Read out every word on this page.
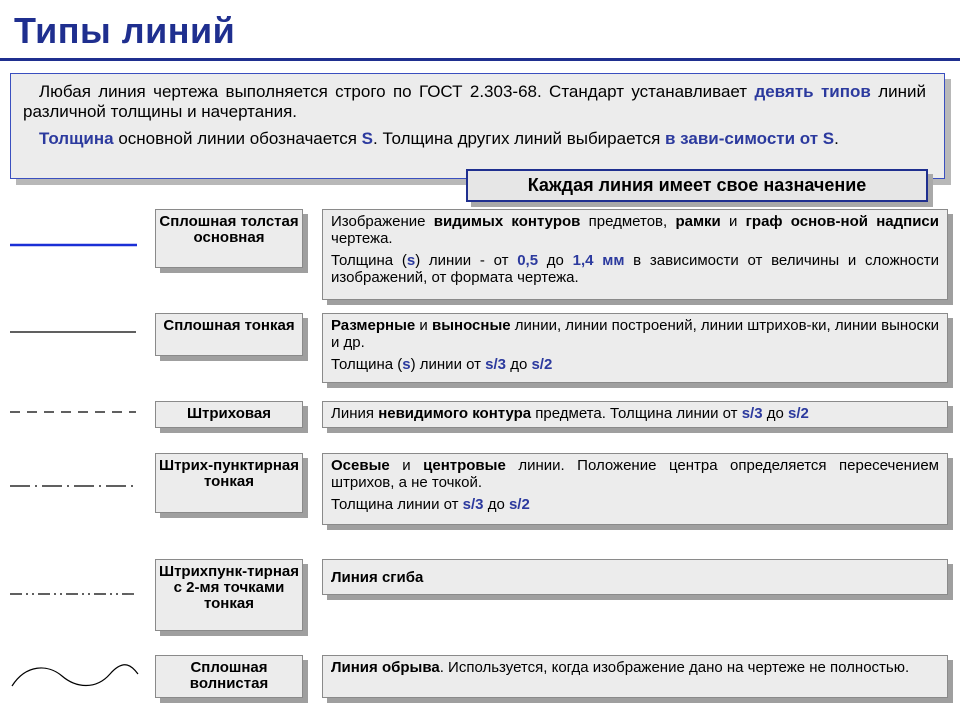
Типы линий

Любая линия чертежа выполняется строго по ГОСТ 2.303-68. Стандарт устанавливает девять типов линий различной толщины и начертания.

Толщина основной линии обозначается S. Толщина других линий выбирается в зави-симости от S.

Каждая линия имеет свое назначение
Сплошная толстая основная

Изображение видимых контуров предметов, рамки и граф основ-ной надписи чертежа.

Толщина (s) линии - от 0,5 до 1,4 мм в зависимости от величины и сложности изображений, от формата чертежа.

Сплошная тонкая	Размерные и выносные линии, линии построений, линии штрихов-ки, линии выноски и др.

Толщина (s) линии от s/3 до s/2

Штриховая	Линия невидимого контура предмета. Толщина линии от s/3 до s/2

Штрих-пунктирная тонкая

Осевые и центровые линии. Положение центра определяется пересечением штрихов, а не точкой.

Толщина линии от s/3 до s/2

Штрихпунк-тирная с 2-мя точками тонкая

Линия сгиба

Сплошная волнистая

Линия обрыва. Используется, когда изображение дано на чертеже не полностью.
